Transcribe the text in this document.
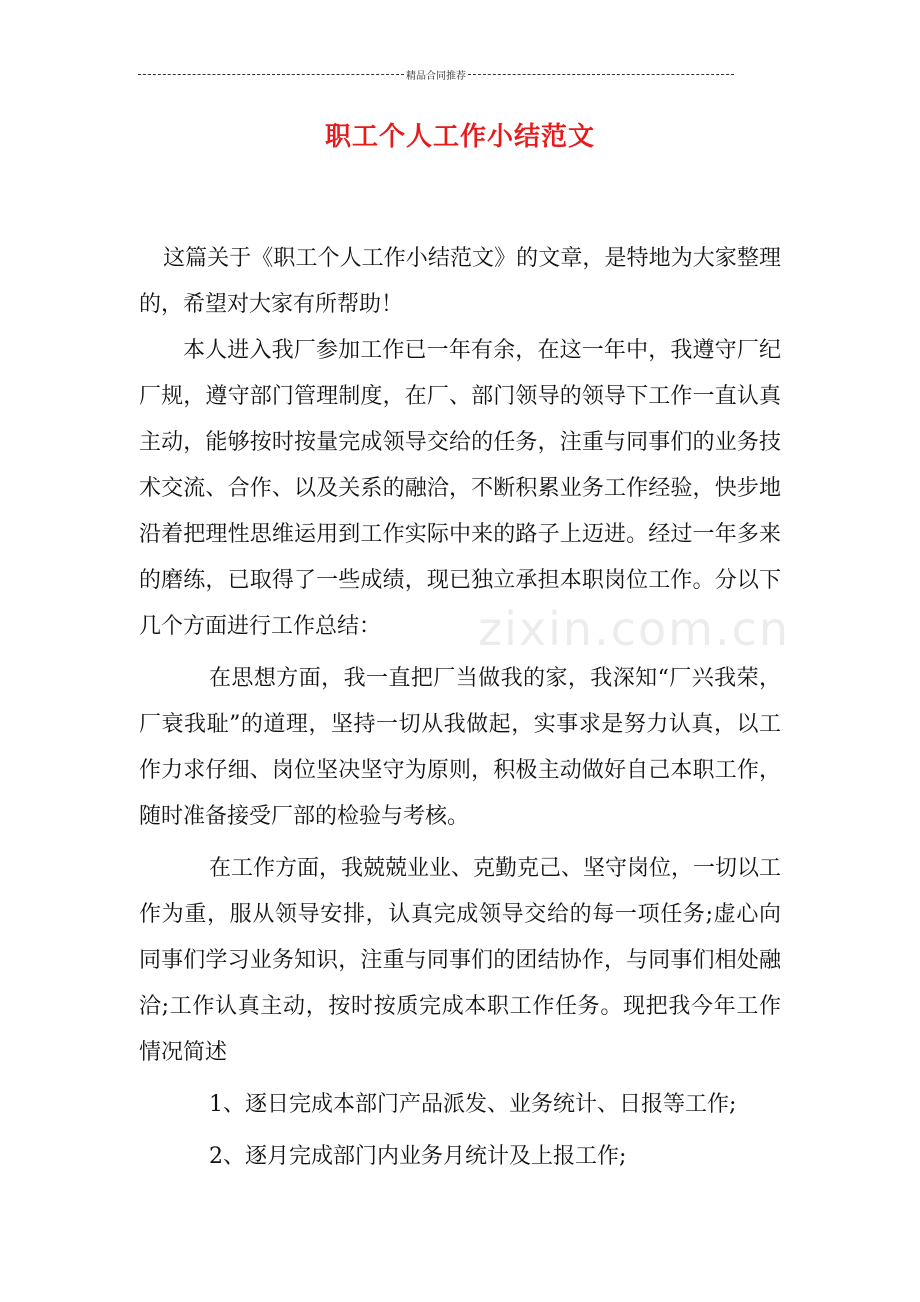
精品合同推荐
职工个人工作小结范文

这篇关于《职工个人工作小结范文》的文章，是特地为大家整理的，希望对大家有所帮助！

本人进入我厂参加工作已一年有余，在这一年中，我遵守厂纪厂规，遵守部门管理制度，在厂、部门领导的领导下工作一直认真主动，能够按时按量完成领导交给的任务，注重与同事们的业务技术交流、合作、以及关系的融洽，不断积累业务工作经验，快步地沿着把理性思维运用到工作实际中来的路子上迈进。经过一年多来的磨练，已取得了一些成绩，现已独立承担本职岗位工作。分以下几个方面进行工作总结：

在思想方面，我一直把厂当做我的家，我深知“厂兴我荣，厂衰我耻”的道理，坚持一切从我做起，实事求是努力认真，以工作力求仔细、岗位坚决坚守为原则，积极主动做好自己本职工作，随时准备接受厂部的检验与考核。

在工作方面，我兢兢业业、克勤克己、坚守岗位，一切以工作为重，服从领导安排，认真完成领导交给的每一项任务;虚心向同事们学习业务知识，注重与同事们的团结协作，与同事们相处融洽;工作认真主动，按时按质完成本职工作任务。现把我今年工作情况简述

1、逐日完成本部门产品派发、业务统计、日报等工作;

2、逐月完成部门内业务月统计及上报工作;

zixin.com.cn
